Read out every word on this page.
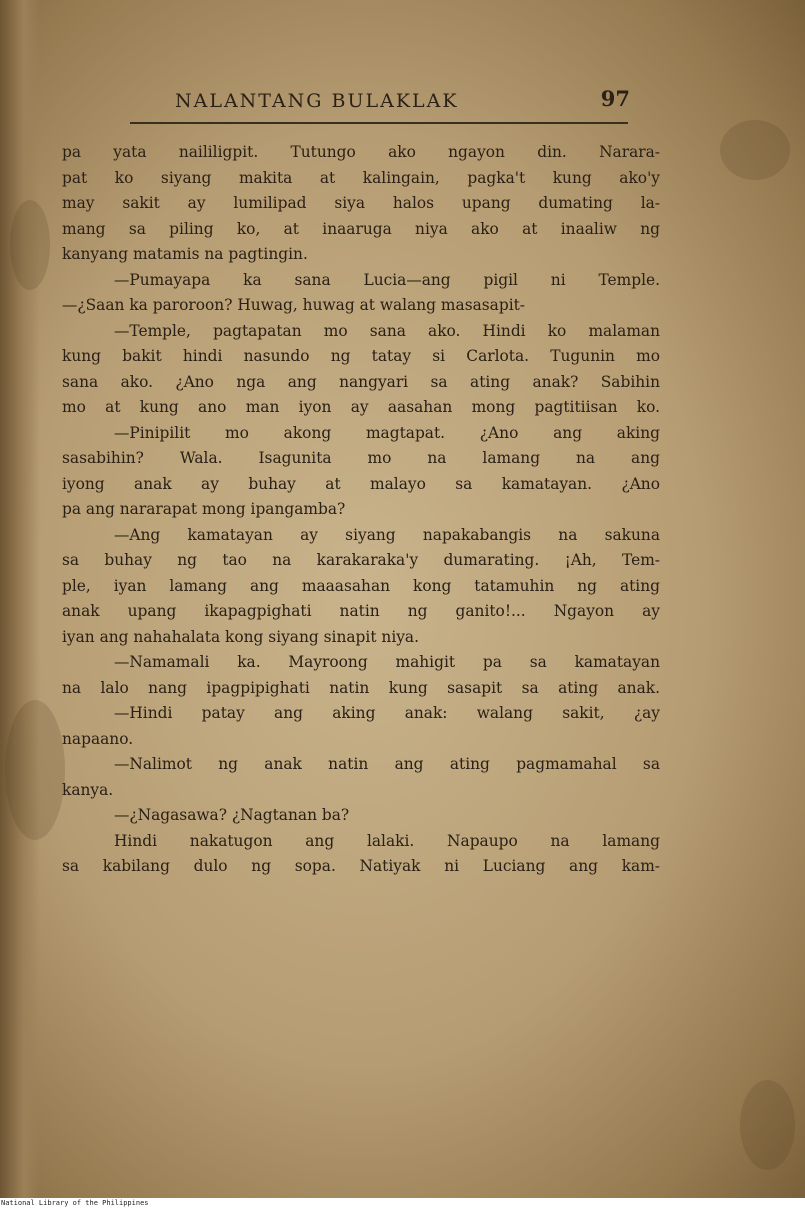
NALANTANG BULAKLAK	97
pa yata naililigpit. Tutungo ako ngayon din. Narara-
pat ko siyang makita at kalingain, pagka't kung ako'y
may sakit ay lumilipad siya halos upang dumating la-
mang sa piling ko, at inaaruga niya ako at inaaliw ng
kanyang matamis na pagtingin.
—Pumayapa ka sana Lucia—ang pigil ni Temple.
—¿Saan ka paroroon? Huwag, huwag at walang masasapit-
—Temple, pagtapatan mo sana ako. Hindi ko malaman
kung bakit hindi nasundo ng tatay si Carlota. Tugunin mo
sana ako. ¿Ano nga ang nangyari sa ating anak? Sabihin
mo at kung ano man iyon ay aasahan mong pagtitiisan ko.
—Pinipilit mo akong magtapat. ¿Ano ang aking
sasabihin? Wala. Isagunita mo na lamang na ang
iyong anak ay buhay at malayo sa kamatayan. ¿Ano
pa ang nararapat mong ipangamba?
—Ang kamatayan ay siyang napakabangis na sakuna
sa buhay ng tao na karakaraka'y dumarating. ¡Ah, Tem-
ple, iyan lamang ang maaasahan kong tatamuhin ng ating
anak upang ikapagpighati natin ng ganito!... Ngayon ay
iyan ang nahahalata kong siyang sinapit niya.
—Namamali ka. Mayroong mahigit pa sa kamatayan
na lalo nang ipagpipighati natin kung sasapit sa ating anak.
—Hindi patay ang aking anak: walang sakit, ¿ay
napaano.
—Nalimot ng anak natin ang ating pagmamahal sa
kanya.
—¿Nagasawa? ¿Nagtanan ba?
Hindi nakatugon ang lalaki. Napaupo na lamang
sa kabilang dulo ng sopa. Natiyak ni Luciang ang kam-
National Library of the Philippines
